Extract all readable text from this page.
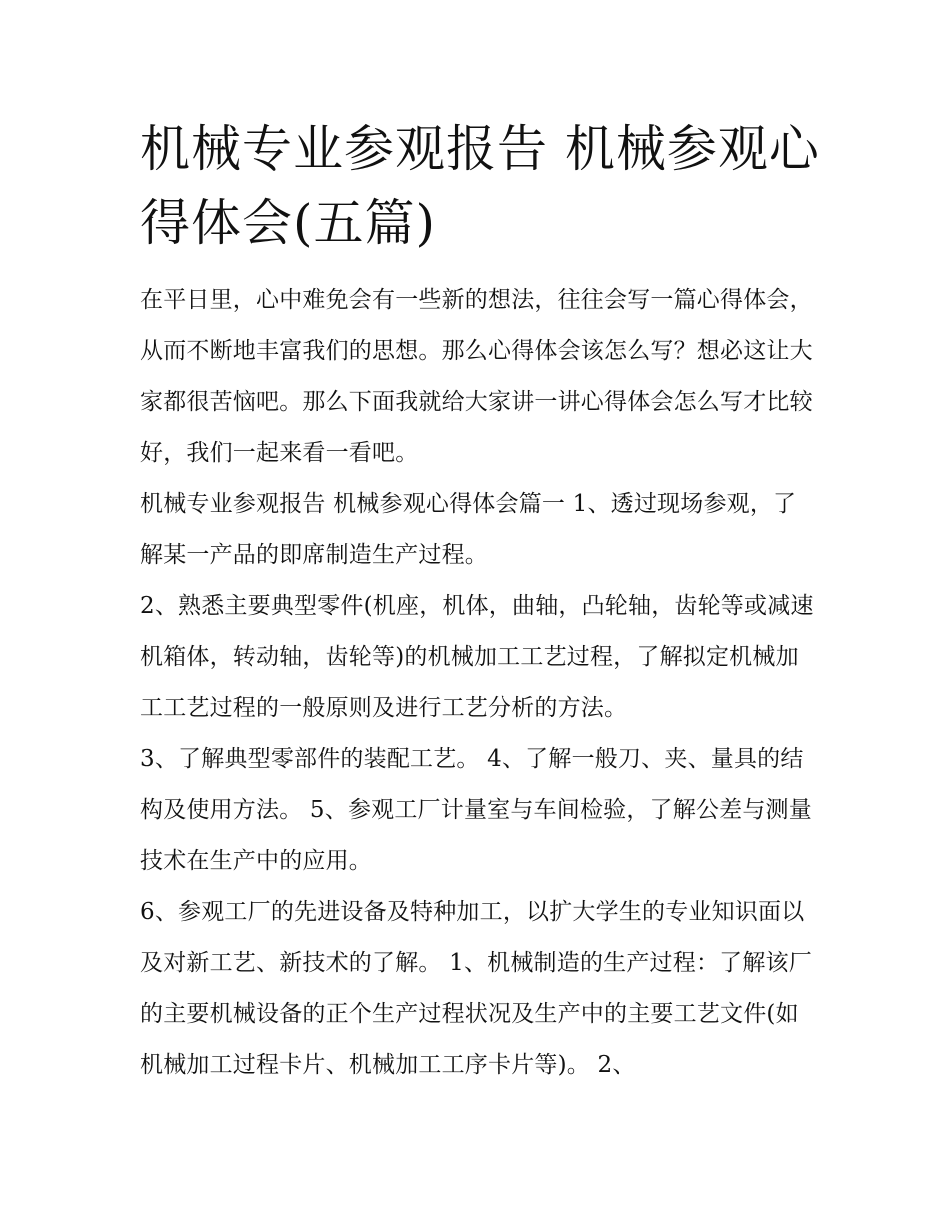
机械专业参观报告 机械参观心得体会(五篇)

在平日里，心中难免会有一些新的想法，往往会写一篇心得体会，从而不断地丰富我们的思想。那么心得体会该怎么写？想必这让大家都很苦恼吧。那么下面我就给大家讲一讲心得体会怎么写才比较好，我们一起来看一看吧。

机械专业参观报告 机械参观心得体会篇一 1、透过现场参观，了解某一产品的即席制造生产过程。

2、熟悉主要典型零件(机座，机体，曲轴，凸轮轴，齿轮等或减速机箱体，转动轴，齿轮等)的机械加工工艺过程，了解拟定机械加工工艺过程的一般原则及进行工艺分析的方法。

3、了解典型零部件的装配工艺。 4、了解一般刀、夹、量具的结构及使用方法。 5、参观工厂计量室与车间检验，了解公差与测量技术在生产中的应用。

6、参观工厂的先进设备及特种加工，以扩大学生的专业知识面以及对新工艺、新技术的了解。 1、机械制造的生产过程：了解该厂的主要机械设备的正个生产过程状况及生产中的主要工艺文件(如机械加工过程卡片、机械加工工序卡片等)。 2、
